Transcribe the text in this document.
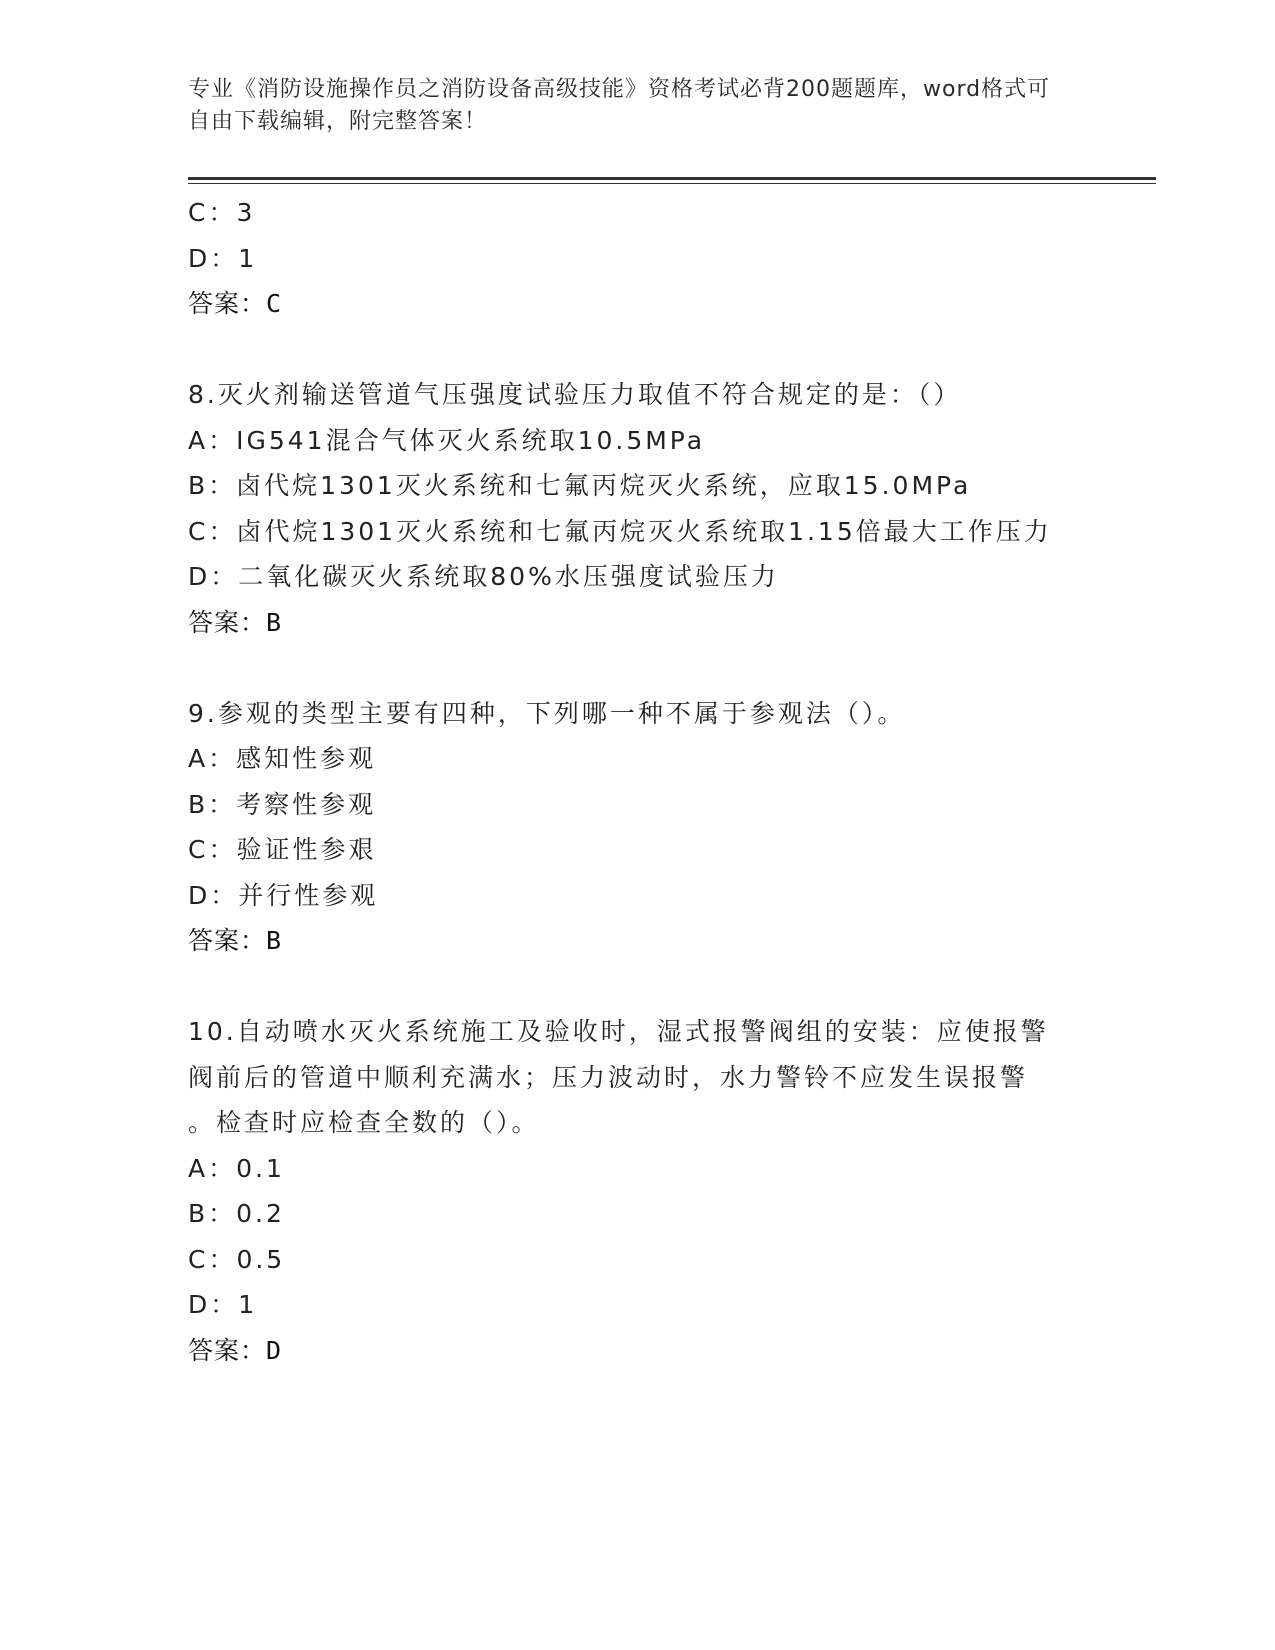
专业《消防设施操作员之消防设备高级技能》资格考试必背200题题库，word格式可自由下载编辑，附完整答案！
C：3
D：1
答案：C
8.灭火剂输送管道气压强度试验压力取值不符合规定的是：（）
A：IG541混合气体灭火系统取10.5MPa
B：卤代烷1301灭火系统和七氟丙烷灭火系统，应取15.0MPa
C：卤代烷1301灭火系统和七氟丙烷灭火系统取1.15倍最大工作压力
D：二氧化碳灭火系统取80%水压强度试验压力
答案：B
9.参观的类型主要有四种，下列哪一种不属于参观法（）。
A：感知性参观
B：考察性参观
C：验证性参艰
D：并行性参观
答案：B
10.自动喷水灭火系统施工及验收时，湿式报警阀组的安装：应使报警
阀前后的管道中顺利充满水；压力波动时，水力警铃不应发生误报警
。检查时应检查全数的（）。
A：0.1
B：0.2
C：0.5
D：1
答案：D
